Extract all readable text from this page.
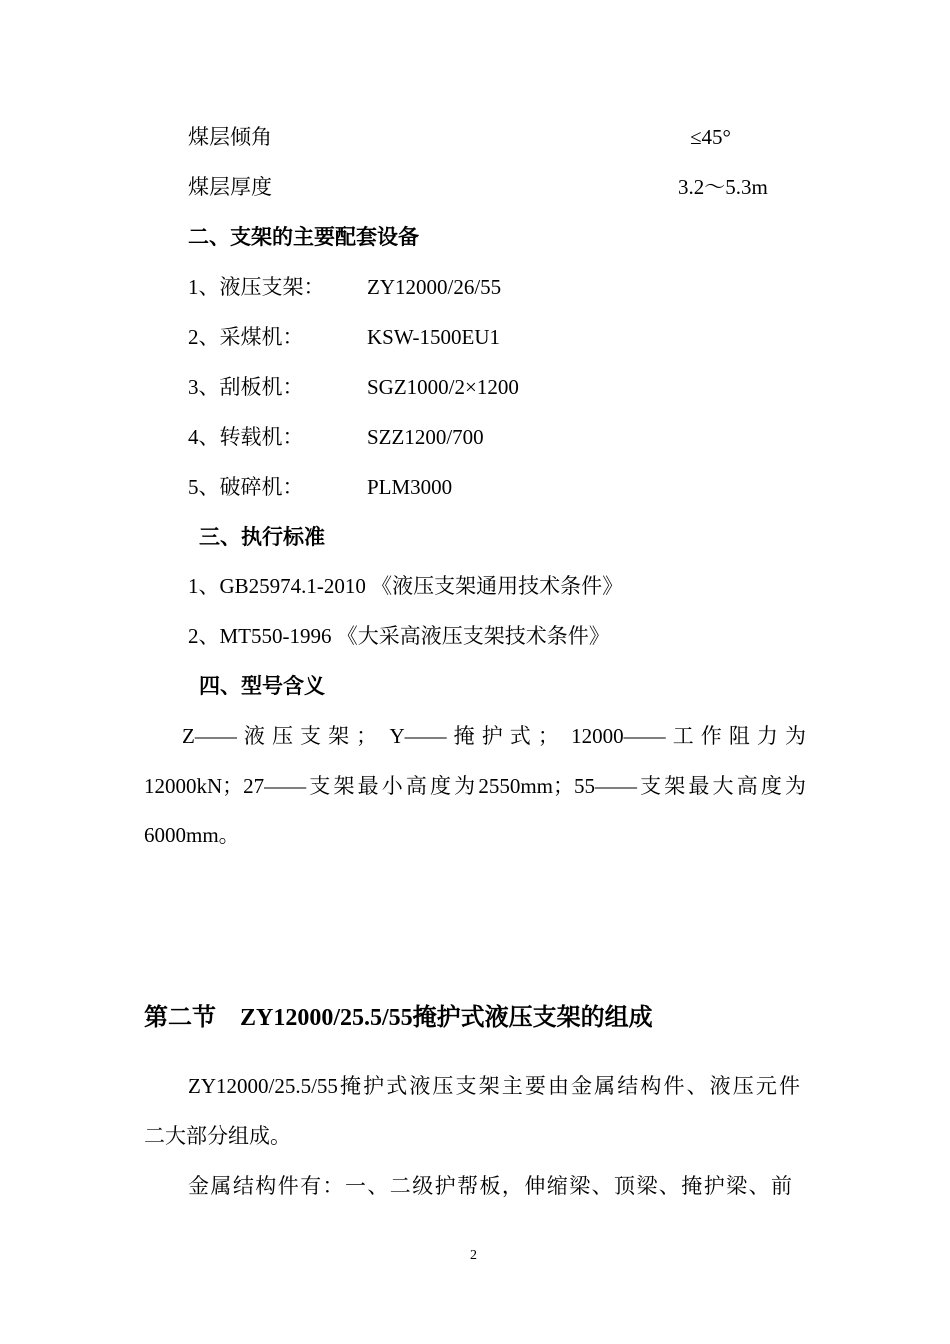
煤层倾角	≤45°
煤层厚度	3.2～5.3m
二、支架的主要配套设备
1、液压支架： ZY12000/26/55
2、采煤机：	KSW-1500EU1
3、刮板机：	SGZ1000/2×1200
4、转载机：	SZZ1200/700
5、破碎机：	PLM3000
三、执行标准
1、GB25974.1-2010 《液压支架通用技术条件》
2、MT550-1996 《大采高液压支架技术条件》
四、型号含义
Z——液压支架； Y——掩护式； 12000——工作阻力为
12000kN；27——支架最小高度为2550mm；55——支架最大高度为
6000mm。
第二节　ZY12000/25.5/55掩护式液压支架的组成
ZY12000/25.5/55掩护式液压支架主要由金属结构件、液压元件
二大部分组成。
金属结构件有：一、二级护帮板，伸缩梁、顶梁、掩护梁、前
2
